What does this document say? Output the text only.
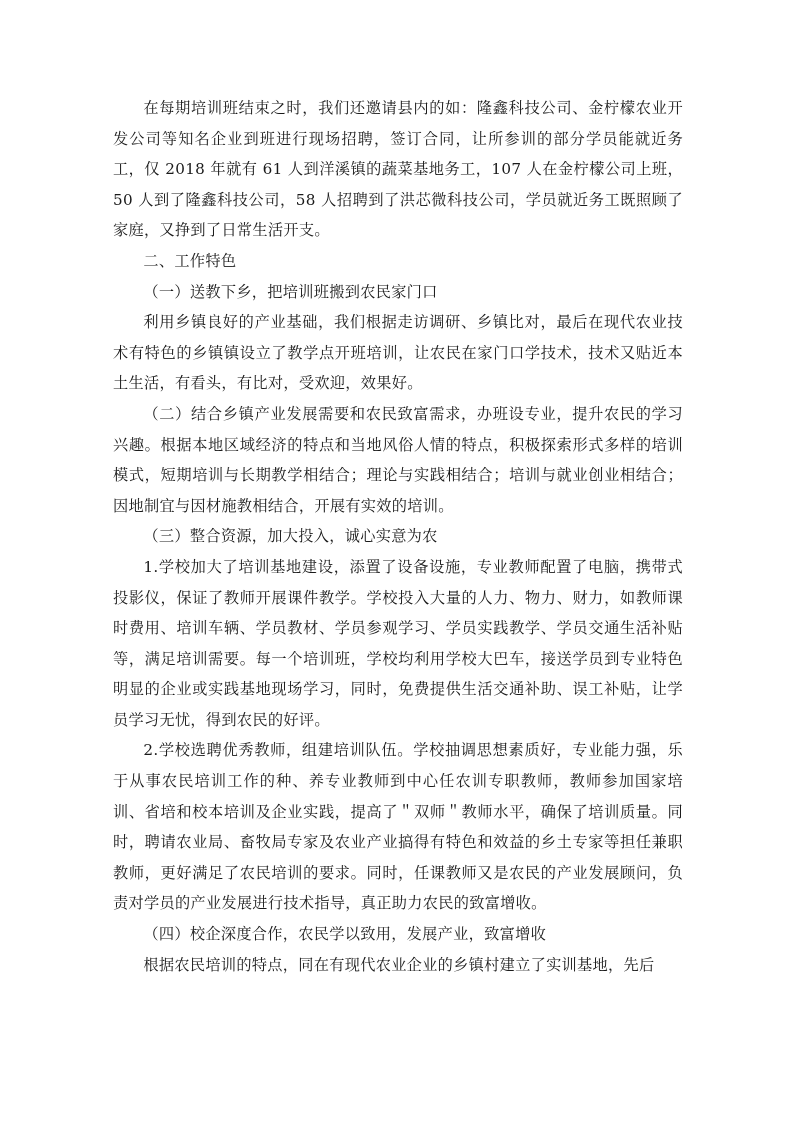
在每期培训班结束之时，我们还邀请县内的如：隆鑫科技公司、金柠檬农业开发公司等知名企业到班进行现场招聘，签订合同，让所参训的部分学员能就近务工，仅 2018 年就有 61 人到洋溪镇的蔬菜基地务工，107 人在金柠檬公司上班，50 人到了隆鑫科技公司，58 人招聘到了洪芯微科技公司，学员就近务工既照顾了家庭，又挣到了日常生活开支。

二、工作特色

（一）送教下乡，把培训班搬到农民家门口

利用乡镇良好的产业基础，我们根据走访调研、乡镇比对，最后在现代农业技术有特色的乡镇镇设立了教学点开班培训，让农民在家门口学技术，技术又贴近本土生活，有看头，有比对，受欢迎，效果好。

（二）结合乡镇产业发展需要和农民致富需求，办班设专业，提升农民的学习兴趣。根据本地区域经济的特点和当地风俗人情的特点，积极探索形式多样的培训模式，短期培训与长期教学相结合；理论与实践相结合；培训与就业创业相结合；因地制宜与因材施教相结合，开展有实效的培训。

（三）整合资源，加大投入，诚心实意为农

1.学校加大了培训基地建设，添置了设备设施，专业教师配置了电脑，携带式投影仪，保证了教师开展课件教学。学校投入大量的人力、物力、财力，如教师课时费用、培训车辆、学员教材、学员参观学习、学员实践教学、学员交通生活补贴等，满足培训需要。每一个培训班，学校均利用学校大巴车，接送学员到专业特色明显的企业或实践基地现场学习，同时，免费提供生活交通补助、误工补贴，让学员学习无忧，得到农民的好评。

2.学校选聘优秀教师，组建培训队伍。学校抽调思想素质好，专业能力强，乐于从事农民培训工作的种、养专业教师到中心任农训专职教师，教师参加国家培训、省培和校本培训及企业实践，提高了＂双师＂教师水平，确保了培训质量。同时，聘请农业局、畜牧局专家及农业产业搞得有特色和效益的乡土专家等担任兼职教师，更好满足了农民培训的要求。同时，任课教师又是农民的产业发展顾问，负责对学员的产业发展进行技术指导，真正助力农民的致富增收。

（四）校企深度合作，农民学以致用，发展产业，致富增收

根据农民培训的特点，同在有现代农业企业的乡镇村建立了实训基地，先后
